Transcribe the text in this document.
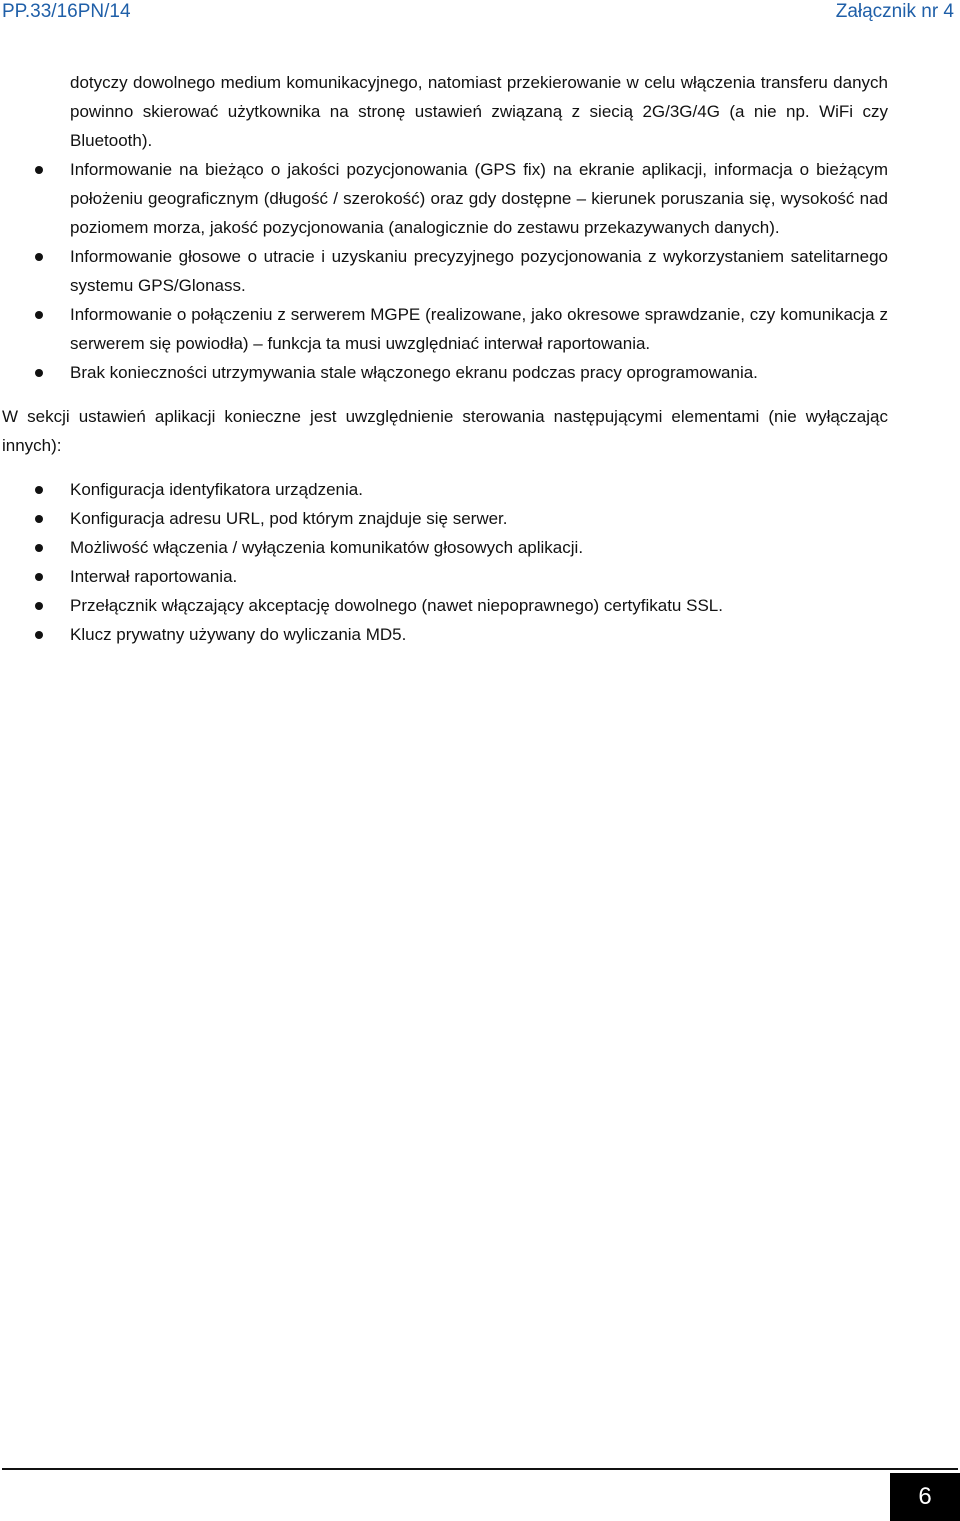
PP.33/16PN/14	Załącznik nr 4

dotyczy dowolnego medium komunikacyjnego, natomiast przekierowanie w celu włączenia transferu danych powinno skierować użytkownika na stronę ustawień związaną z siecią 2G/3G/4G (a nie np. WiFi czy Bluetooth).

Informowanie na bieżąco o jakości pozycjonowania (GPS fix) na ekranie aplikacji, informacja o bieżącym położeniu geograficznym (długość / szerokość) oraz gdy dostępne – kierunek poruszania się, wysokość nad poziomem morza, jakość pozycjonowania (analogicznie do zestawu przekazywanych danych).
Informowanie głosowe o utracie i uzyskaniu precyzyjnego pozycjonowania z wykorzystaniem satelitarnego systemu GPS/Glonass.
Informowanie o połączeniu z serwerem MGPE (realizowane, jako okresowe sprawdzanie, czy komunikacja z serwerem się powiodła) – funkcja ta musi uwzględniać interwał raportowania.
Brak konieczności utrzymywania stale włączonego ekranu podczas pracy oprogramowania.

W sekcji ustawień aplikacji konieczne jest uwzględnienie sterowania następującymi elementami (nie wyłączając innych):

Konfiguracja identyfikatora urządzenia.
Konfiguracja adresu URL, pod którym znajduje się serwer.
Możliwość włączenia / wyłączenia komunikatów głosowych aplikacji.
Interwał raportowania.
Przełącznik włączający akceptację dowolnego (nawet niepoprawnego) certyfikatu SSL.
Klucz prywatny używany do wyliczania MD5.
6
